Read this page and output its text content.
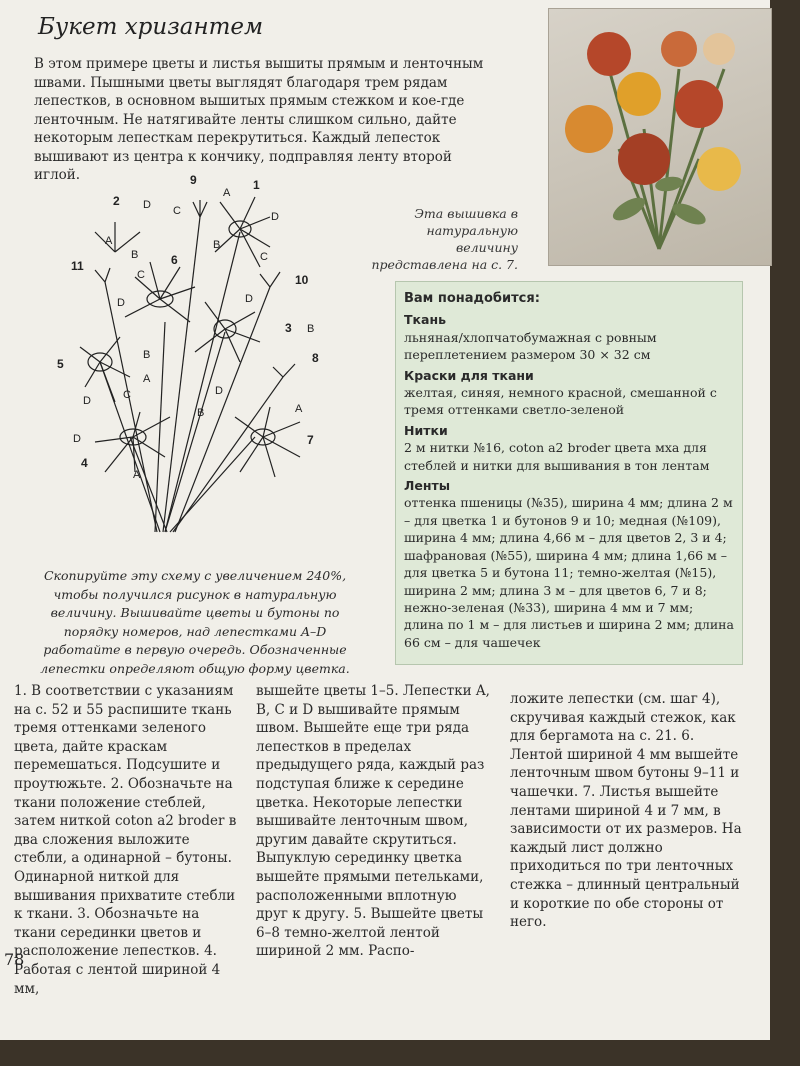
Букет хризантем
В этом примере цветы и листья вышиты прямым и ленточным швами. Пышными цветы выглядят благодаря трем рядам лепестков, в основном вышитых прямым стежком и кое-где ленточным. Не натягивайте ленты слишком сильно, дайте некоторым лепесткам перекрутиться. Каждый лепесток вышивают из центра к кончику, подправляя ленту второй иглой.
Эта вышивка в натуральную величину представлена на с. 7.
2
1
9
11	6
10
3
5	8
7
4
A
D C
A
B
C
D
D
B
C
D
B
B
A
D	C
D
A
B
D
A
Скопируйте эту схему с увеличением 240%, чтобы получился рисунок в натуральную величину. Вышивайте цветы и бутоны по порядку номеров, над лепестками A–D работайте в первую очередь. Обозначенные лепестки определяют общую форму цветка.
Вам понадобится:
Ткань

льняная/хлопчатобумажная с ровным переплетением размером 30 × 32 см

Краски для ткани

желтая, синяя, немного красной, смешанной с тремя оттенками светло-зеленой

Нитки

2 м нитки №16, coton a2 broder цвета мха для стеблей и нитки для вышивания в тон лентам

Ленты

оттенка пшеницы (№35), ширина 4 мм; длина 2 м – для цветка 1 и бутонов 9 и 10; медная (№109), ширина 4 мм; длина 4,66 м – для цветов 2, 3 и 4; шафрановая (№55), ширина 4 мм; длина 1,66 м – для цветка 5 и бутона 11; темно-желтая (№15), ширина 2 мм; длина 3 м – для цветов 6, 7 и 8; нежно-зеленая (№33), ширина 4 мм и 7 мм; длина по 1 м – для листьев и ширина 2 мм; длина 66 см – для чашечек

1. В соответствии с указаниям на с. 52 и 55 распишите ткань тремя оттенками зеленого цвета, дайте краскам перемешаться. Подсушите и проутюжьте. 2. Обозначьте на ткани положение стеблей, затем ниткой coton a2 broder в два сложения выложите стебли, а одинарной – бутоны. Одинарной ниткой для вышивания прихватите стебли к ткани. 3. Обозначьте на ткани серединки цветов и расположение лепестков. 4. Работая с лентой шириной 4 мм,

вышейте цветы 1–5. Лепестки A, B, C и D вышивайте прямым швом. Вышейте еще три ряда лепестков в пределах предыдущего ряда, каждый раз подступая ближе к середине цветка. Некоторые лепестки вышивайте ленточным швом, другим давайте скрутиться. Выпуклую серединку цветка вышейте прямыми петельками, расположенными вплотную друг к другу. 5. Вышейте цветы 6–8 темно-желтой лентой шириной 2 мм. Распо-

ложите лепестки (см. шаг 4), скручивая каждый стежок, как для бергамота на с. 21. 6. Лентой шириной 4 мм вышейте ленточным швом бутоны 9–11 и чашечки. 7. Листья вышейте лентами шириной 4 и 7 мм, в зависимости от их размеров. На каждый лист должно приходиться по три ленточных стежка – длинный центральный и короткие по обе стороны от него.

78
